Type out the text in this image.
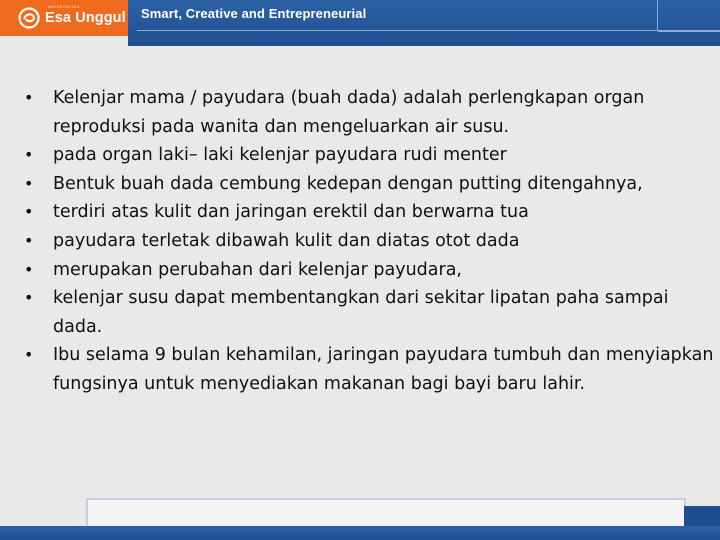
UNIVERSITAS
Esa Unggul Smart, Creative and Entrepreneurial
• Kelenjar mama / payudara (buah dada) adalah perlengkapan organ reproduksi pada wanita dan mengeluarkan air susu.
• pada organ laki– laki kelenjar payudara rudi menter
• Bentuk buah dada cembung kedepan dengan putting ditengahnya,
• terdiri atas kulit dan jaringan erektil dan berwarna tua
• payudara terletak dibawah kulit dan diatas otot dada
• merupakan perubahan dari kelenjar payudara,
• kelenjar susu dapat membentangkan dari sekitar lipatan paha sampai dada.
• Ibu selama 9 bulan kehamilan, jaringan payudara tumbuh dan menyiapkan fungsinya untuk menyediakan makanan bagi bayi baru lahir.
